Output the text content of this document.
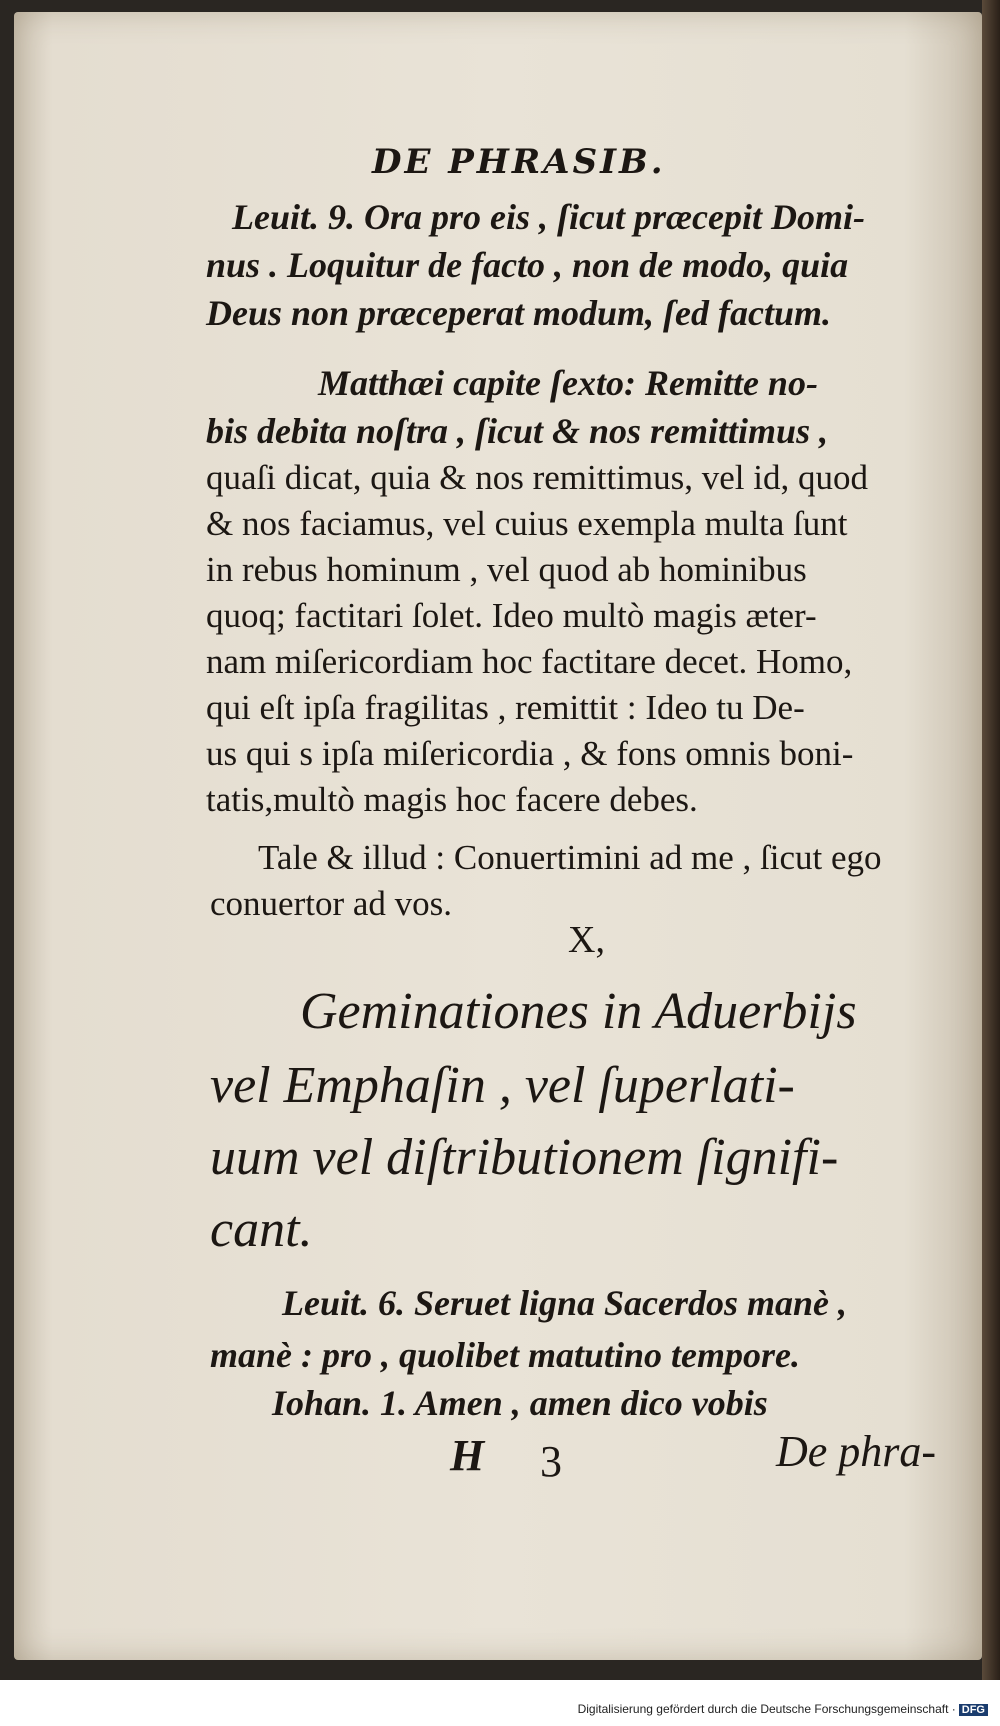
DE PHRASIB.
Leuit. 9. Ora pro eis , ſicut præcepit Domi-
nus . Loquitur de facto , non de modo, quia
Deus non præceperat modum, ſed factum.
Matthæi capite ſexto: Remitte no-
bis debita noſtra , ſicut & nos remittimus ,
quaſi dicat, quia & nos remittimus, vel id, quod
& nos faciamus, vel cuius exempla multa ſunt
in rebus hominum , vel quod ab hominibus
quoq; factitari ſolet. Ideo multò magis æter-
nam miſericordiam hoc factitare decet. Homo,
qui eſt ipſa fragilitas , remittit : Ideo tu De-
us qui s ipſa miſericordia , & fons omnis boni-
tatis,multò magis hoc facere debes.
Tale & illud : Conuertimini ad me , ſicut ego
conuertor ad vos.
X,
Geminationes in Aduerbijs
vel Emphaſin , vel ſuperlati-
uum vel diſtributionem ſignifi-
cant.
Leuit. 6. Seruet ligna Sacerdos manè ,
manè : pro , quolibet matutino tempore.
Iohan. 1. Amen , amen dico vobis
H 3	De phra-
Digitalisierung gefördert durch die Deutsche Forschungsgemeinschaft · DFG
